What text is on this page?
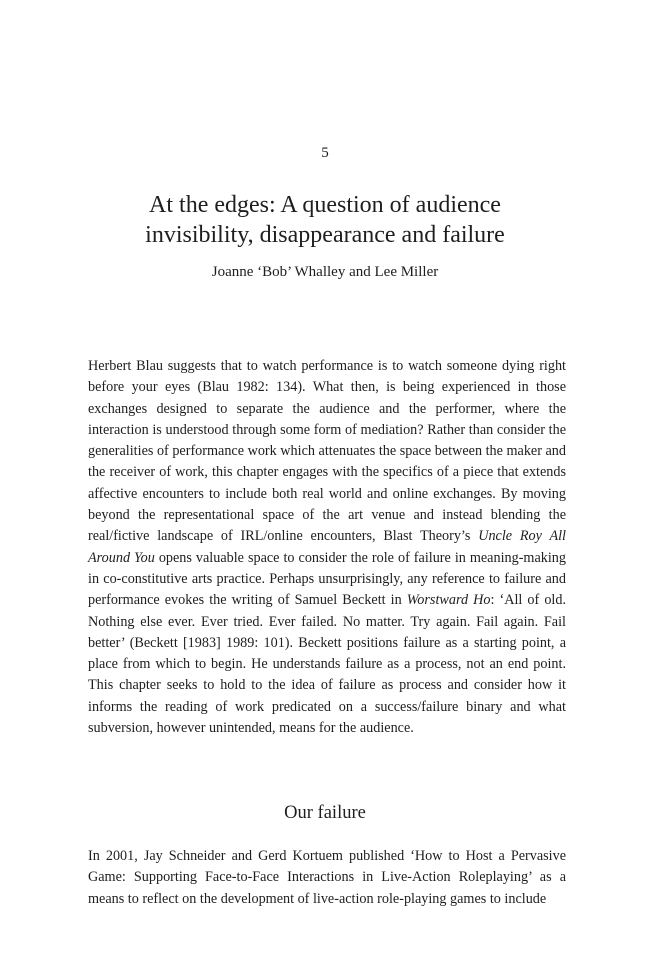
5
At the edges: A question of audience
invisibility, disappearance and failure
Joanne ‘Bob’ Whalley and Lee Miller

Herbert Blau suggests that to watch performance is to watch someone dying right before your eyes (Blau 1982: 134). What then, is being experienced in those exchanges designed to separate the audience and the performer, where the interaction is understood through some form of mediation? Rather than consider the generalities of performance work which attenuates the space between the maker and the receiver of work, this chapter engages with the specifics of a piece that extends affective encounters to include both real world and online exchanges. By moving beyond the representational space of the art venue and instead blending the real/fictive landscape of IRL/online encounters, Blast Theory’s Uncle Roy All Around You opens valuable space to consider the role of failure in meaning-making in co-constitutive arts practice. Perhaps unsurprisingly, any reference to failure and performance evokes the writing of Samuel Beckett in Worstward Ho: ‘All of old. Nothing else ever. Ever tried. Ever failed. No matter. Try again. Fail again. Fail better’ (Beckett [1983] 1989: 101). Beckett positions failure as a starting point, a place from which to begin. He understands failure as a process, not an end point. This chapter seeks to hold to the idea of failure as process and consider how it informs the reading of work predicated on a success/failure binary and what subversion, however unintended, means for the audience.

Our failure

In 2001, Jay Schneider and Gerd Kortuem published ‘How to Host a Pervasive Game: Supporting Face-to-Face Interactions in Live-Action Roleplaying’ as a means to reflect on the development of live-action role-playing games to include
